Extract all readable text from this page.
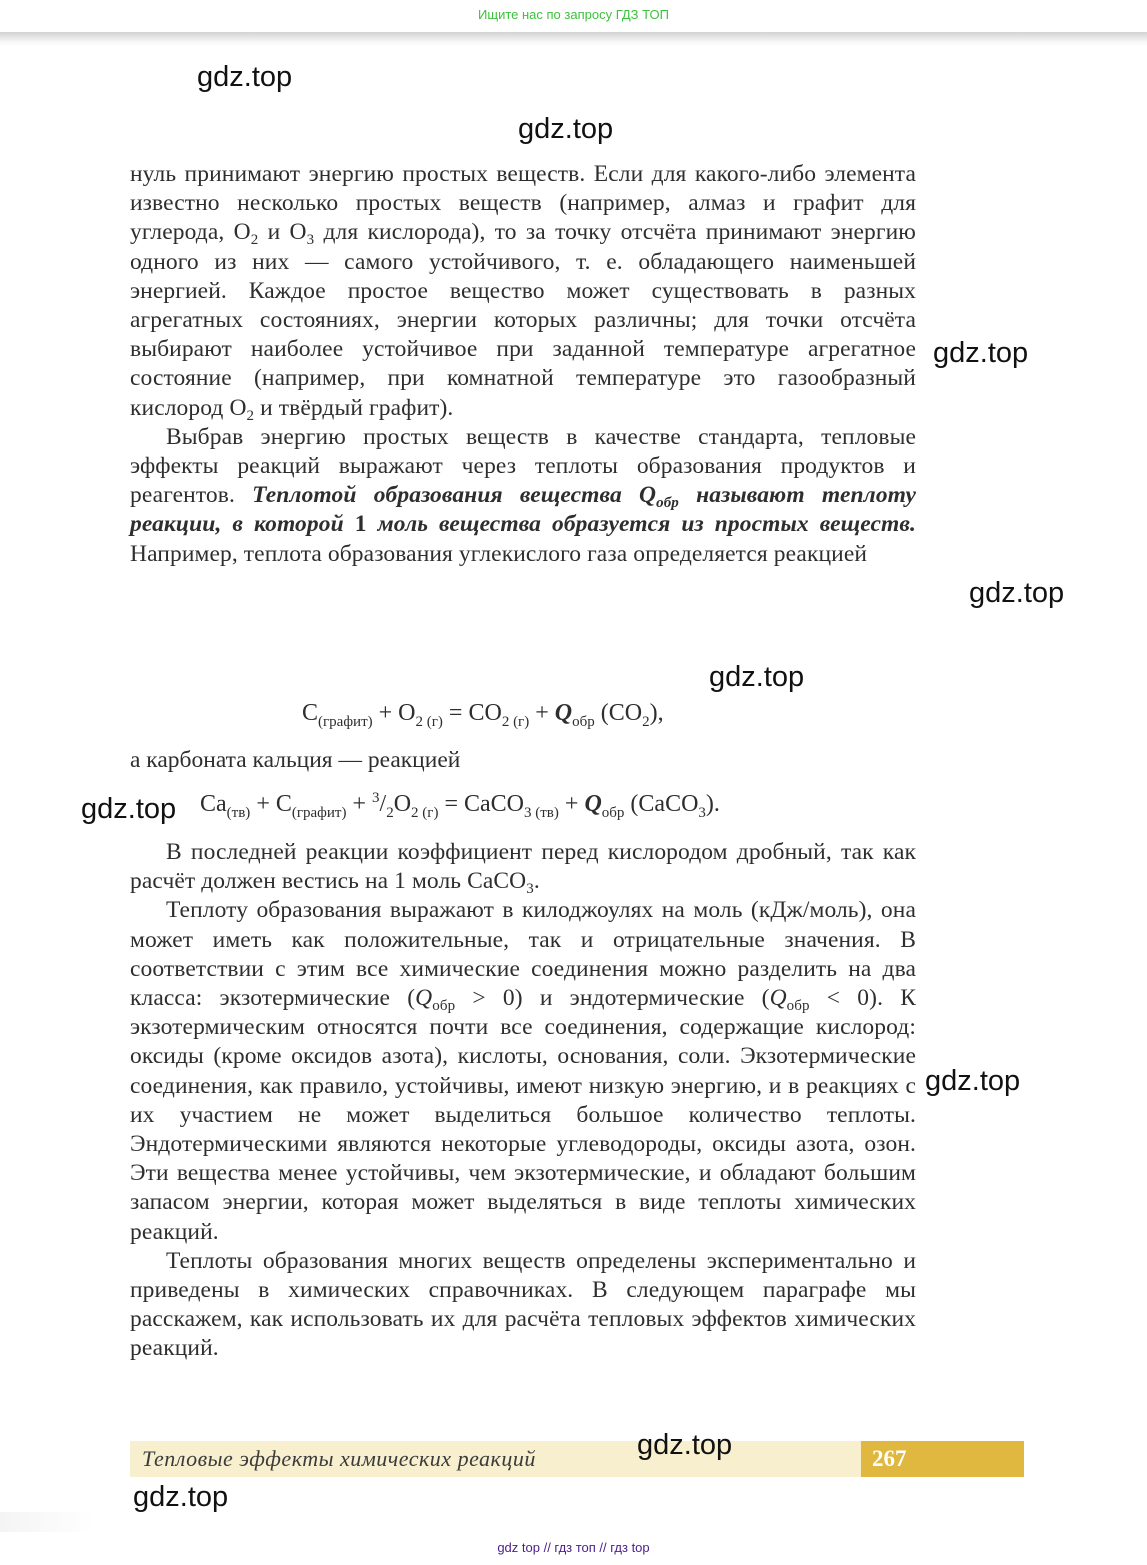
Ищите нас по запросу ГДЗ ТОП

нуль принимают энергию простых веществ. Если для какого-либо элемента известно несколько простых веществ (например, алмаз и графит для углерода, $O_2$ и $O_3$ для кислорода), то за точку отсчёта принимают энергию одного из них — самого устойчивого, т. е. обладающего наименьшей энергией. Каждое простое вещество может существовать в разных агрегатных состояниях, энергии которых различны; для точки отсчёта выбирают наиболее устойчивое при заданной температуре агрегатное состояние (например, при комнатной температуре это газообразный кислород $O_2$ и твёрдый графит).

Выбрав энергию простых веществ в качестве стандарта, тепловые эффекты реакций выражают через теплоты образования продуктов и реагентов. Теплотой образования вещества $Q_{обр}$ называют теплоту реакции, в которой 1 моль вещества образуется из простых веществ. Например, теплота образования углекислого газа определяется реакцией

$C_{(графит)} + O_{2 (г)} = CO_{2 (г)} + Q_{обр}$ $(CO_2)$,
а карбоната кальция — реакцией
$Ca_{(тв)} + C_{(графит)} + ^3/_2O_{2 (г)}$ = CaCO$_{3 (тв)}$ + $Q_{обр}$ (CaCO$_3$).

В последней реакции коэффициент перед кислородом дробный, так как расчёт должен вестись на 1 моль CaCO$_3$.

Теплоту образования выражают в килоджоулях на моль (кДж/моль), она может иметь как положительные, так и отрицательные значения. В соответствии с этим все химические соединения можно разделить на два класса: экзотермические $(Q_{обр} > 0)$ и эндотермические $(Q_{обр} < 0)$. К экзотермическим относятся почти все соединения, содержащие кислород: оксиды (кроме оксидов азота), кислоты, основания, соли. Экзотермические соединения, как правило, устойчивы, имеют низкую энергию, и в реакциях с их участием не может выделиться большое количество теплоты. Эндотермическими являются некоторые углеводороды, оксиды азота, озон. Эти вещества менее устойчивы, чем экзотермические, и обладают большим запасом энергии, которая может выделяться в виде теплоты химических реакций.

Теплоты образования многих веществ определены экспериментально и приведены в химических справочниках. В следующем параграфе мы расскажем, как использовать их для расчёта тепловых эффектов химических реакций.

Тепловые эффекты химических реакций	267
gdz.top
gdz.top
gdz.top
gdz.top
gdz.top
gdz.top
gdz.top
gdz.top
gdz.top
gdz top // гдз топ // гдз top
